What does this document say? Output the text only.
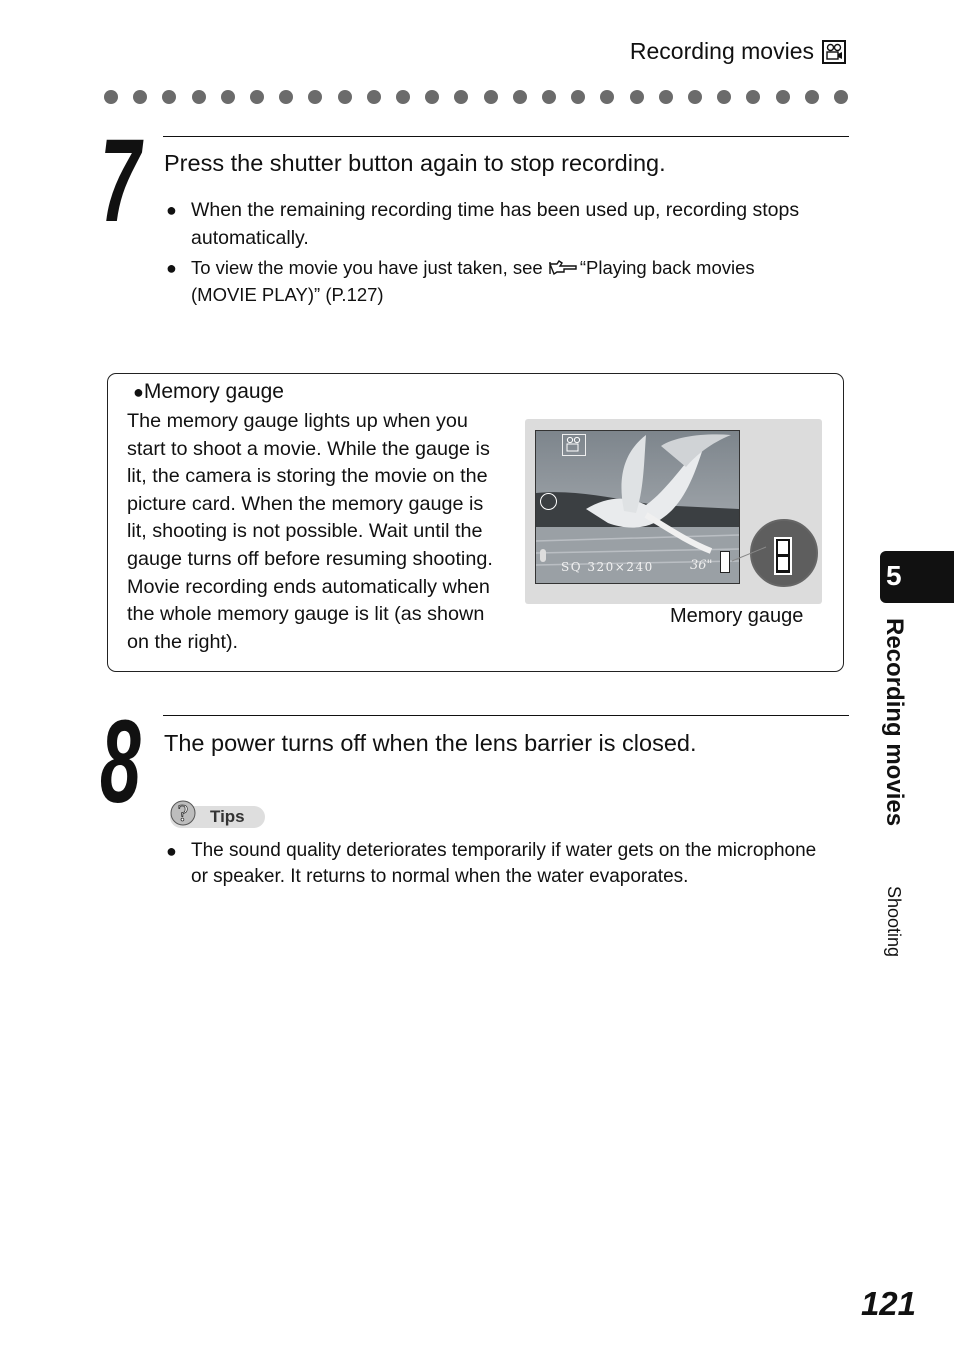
Recording movies
7 Press the shutter button again to stop recording.
● When the remaining recording time has been used up, recording stops
automatically.
● To view the movie you have just taken, see “Playing back movies
(MOVIE PLAY)” (P.127)
●Memory gauge
The memory gauge lights up when you
start to shoot a movie. While the gauge is
lit, the camera is storing the movie on the
picture card. When the memory gauge is
lit, shooting is not possible. Wait until the
gauge turns off before resuming shooting.
Movie recording ends automatically when
the whole memory gauge is lit (as shown
on the right).
SQ 320×240	36"
Memory gauge
8 The power turns off when the lens barrier is closed.
? Tips
● The sound quality deteriorates temporarily if water gets on the microphone
or speaker. It returns to normal when the water evaporates.
5
Recording movies
Shooting
121
